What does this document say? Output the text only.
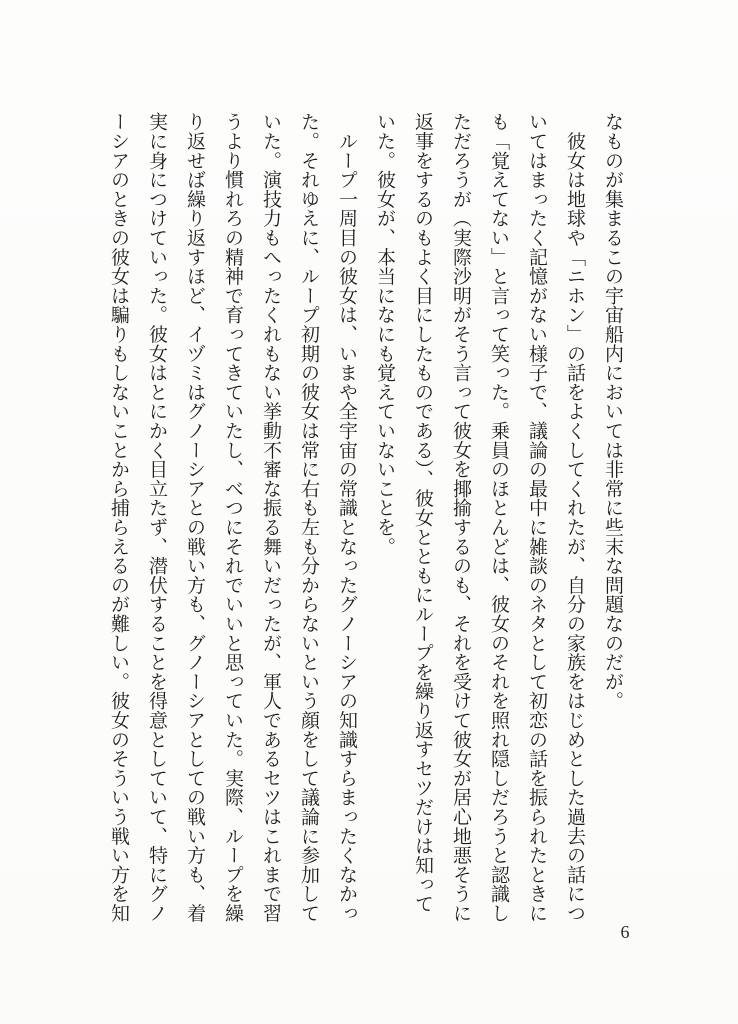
なものが集まるこの宇宙船内においては非常に些末な問題なのだが。

　彼女は地球や「ニホン」の話をよくしてくれたが、自分の家族をはじめとした過去の話につ

いてはまったく記憶がない様子で、議論の最中に雑談のネタとして初恋の話を振られたときに

も「覚えてない」と言って笑った。乗員のほとんどは、彼女のそれを照れ隠しだろうと認識し

ただろうが（実際沙明がそう言って彼女を揶揄するのも、それを受けて彼女が居心地悪そうに

返事をするのもよく目にしたものである）、彼女とともにループを繰り返すセツだけは知って

いた。彼女が、本当になにも覚えていないことを。

　ループ一周目の彼女は、いまや全宇宙の常識となったグノーシアの知識すらまったくなかっ

た。それゆえに、ループ初期の彼女は常に右も左も分からないという顔をして議論に参加して

いた。演技力もへったくれもない挙動不審な振る舞いだったが、軍人であるセツはこれまで習

うより慣れろの精神で育ってきていたし、べつにそれでいいと思っていた。実際、ループを繰

り返せば繰り返すほど、イヅミはグノーシアとの戦い方も、グノーシアとしての戦い方も、着

実に身につけていった。彼女はとにかく目立たず、潜伏することを得意としていて、特にグノ

ーシアのときの彼女は騙りもしないことから捕らえるのが難しい。彼女のそういう戦い方を知

6
